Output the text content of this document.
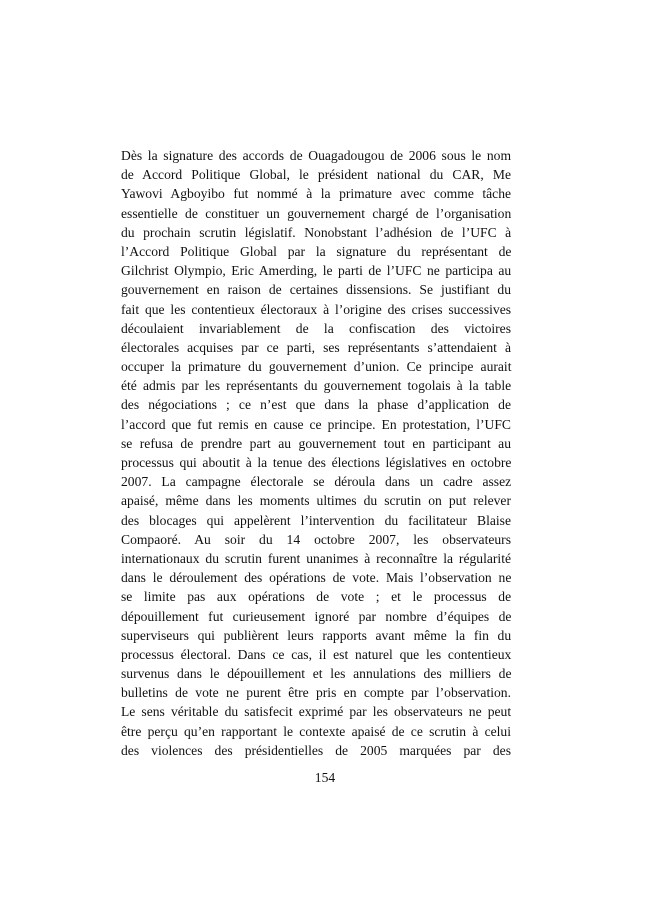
Dès la signature des accords de Ouagadougou de 2006 sous le nom
de Accord Politique Global, le président national du CAR, Me
Yawovi Agboyibo fut nommé à la primature avec comme tâche
essentielle de constituer un gouvernement chargé de l’organisation
du prochain scrutin législatif. Nonobstant l’adhésion de l’UFC à
l’Accord Politique Global par la signature du représentant de
Gilchrist Olympio, Eric Amerding, le parti de l’UFC ne participa au
gouvernement en raison de certaines dissensions. Se justifiant du
fait que les contentieux électoraux à l’origine des crises successives
découlaient invariablement de la confiscation des victoires
électorales acquises par ce parti, ses représentants s’attendaient à
occuper la primature du gouvernement d’union. Ce principe aurait
été admis par les représentants du gouvernement togolais à la table
des négociations ; ce n’est que dans la phase d’application de
l’accord que fut remis en cause ce principe. En protestation, l’UFC
se refusa de prendre part au gouvernement tout en participant au
processus qui aboutit à la tenue des élections législatives en octobre
2007. La campagne électorale se déroula dans un cadre assez
apaisé, même dans les moments ultimes du scrutin on put relever
des blocages qui appelèrent l’intervention du facilitateur Blaise
Compaoré. Au soir du 14 octobre 2007, les observateurs
internationaux du scrutin furent unanimes à reconnaître la régularité
dans le déroulement des opérations de vote. Mais l’observation ne
se limite pas aux opérations de vote ; et le processus de
dépouillement fut curieusement ignoré par nombre d’équipes de
superviseurs qui publièrent leurs rapports avant même la fin du
processus électoral. Dans ce cas, il est naturel que les contentieux
survenus dans le dépouillement et les annulations des milliers de
bulletins de vote ne purent être pris en compte par l’observation.
Le sens véritable du satisfecit exprimé par les observateurs ne peut
être perçu qu’en rapportant le contexte apaisé de ce scrutin à celui
des violences des présidentielles de 2005 marquées par des
154
